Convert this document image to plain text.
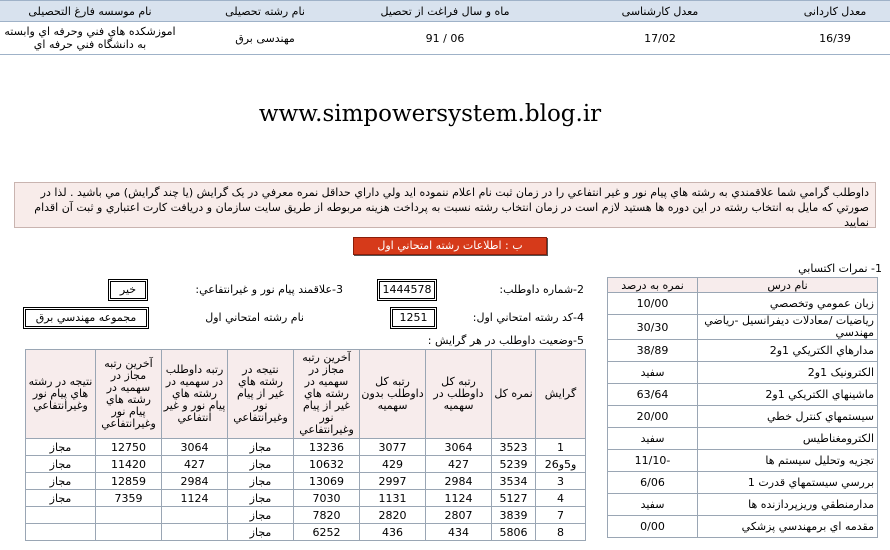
معدل کاردانی	معدل کارشناسی	ماه و سال فراغت از تحصیل	نام رشته تحصیلی	نام موسسه فارغ التحصیلی
16/39	17/02	91 / 06	مهندسی برق	اموزشکده هاي فني وحرفه اي وابسته به دانشگاه فني حرفه اي
www.simpowersystem.blog.ir
داوطلب گرامي شما علاقمندي به رشته هاي پيام نور و غير انتفاعي را در زمان ثبت نام اعلام ننموده ايد ولي داراي حداقل نمره معرفي در يک گرايش (يا چند گرايش) مي باشيد . لذا در صورتي که مايل به انتخاب رشته در اين دوره ها هستيد لازم است در زمان انتخاب رشته نسبت به پرداخت هزينه مربوطه از طريق سايت سازمان و دريافت کارت اعتباري و ثبت آن اقدام نماييد
ب : اطلاعات رشته امتحاني اول
2-شماره داوطلب:
1444578
3-علاقمند پيام نور و غيرانتفاعي:
خير
4-کد رشته امتحاني اول:
1251
نام رشته امتحاني اول
مجموعه مهندسي برق
5-وضعيت داوطلب در هر گرايش :
1- نمرات اکتسابي
نام درس	نمره به درصد
زبان عمومي وتخصصي	10/00
رياضيات /معادلات ديفرانسيل -رياضي مهندسي	30/30
مدارهاي الکتريکي 1و2	38/89
الکترونيک 1و2	سفيد
ماشينهاي الکتريکي 1و2	63/64
سيستمهاي کنترل خطي	20/00
الکترومغناطيس	سفيد
تجزيه وتحليل سيستم ها	-11/10
بررسي سيستمهاي قدرت 1	6/06
مدارمنطقي وريزپردازنده ها	سفيد
مقدمه اي برمهندسي پزشکي	0/00
گرايش	نمره کل	رتبه کل داوطلب در سهميه	رتبه کل داوطلب بدون سهميه	آخرين رتبه مجاز در سهميه در رشته هاي غير از پيام نور وغيرانتفاعي	نتيجه در رشته هاي غير از پيام نور وغيرانتفاعي	رتبه داوطلب در سهميه در رشته هاي پيام نور و غير انتفاعي	آخرين رتبه مجاز در سهميه در رشته هاي پيام نور وغيرانتفاعي	نتيجه در رشته هاي پيام نور وغيرانتفاعي
1	3523	3064	3077	13236	مجاز	3064	12750	مجاز
2و5و6	5239	427	429	10632	مجاز	427	11420	مجاز
3	3534	2984	2997	13069	مجاز	2984	12859	مجاز
4	5127	1124	1131	7030	مجاز	1124	7359	مجاز
7	3839	2807	2820	7820	مجاز			
8	5806	434	436	6252	مجاز			
